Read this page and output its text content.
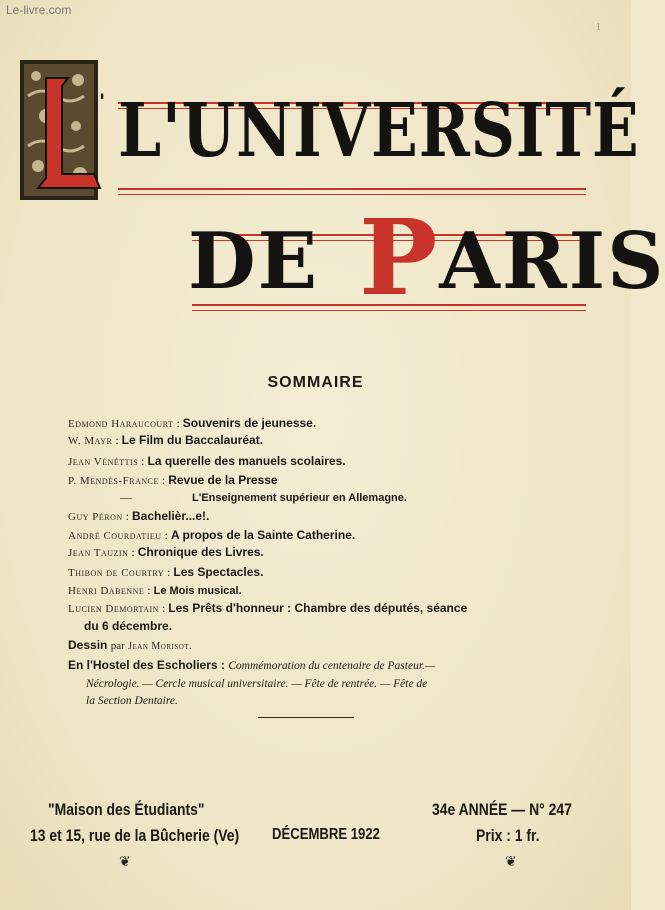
Le-livre.com
1
' L'UNIVERSITÉ
DE PARIS
SOMMAIRE
Edmond Haraucourt : Souvenirs de jeunesse.
W. Mayr : Le Film du Baccalauréat.
Jean Vénéttis : La querelle des manuels scolaires.
P. Mendès-France : Revue de la Presse
—	L'Enseignement supérieur en Allemagne.
Guy Péron : Bachelièr...e!.
André Courdatieu : A propos de la Sainte Catherine.
Jean Tauzin : Chronique des Livres.
Thibon de Courtry : Les Spectacles.
Henri Dabenne : Le Mois musical.
Lucien Demortain : Les Prêts d'honneur : Chambre des députés, séance
du 6 décembre.
Dessin par Jean Morisot.
En l'Hostel des Escholiers : Commémoration du centenaire de Pasteur.—
Nécrologie. — Cercle musical universitaire. — Fête de rentrée. — Fête de
la Section Dentaire.
"Maison des Étudiants"	34e ANNÉE — N° 247
13 et 15, rue de la Bûcherie (Ve) DÉCEMBRE 1922	Prix : 1 fr.
❦	❦
